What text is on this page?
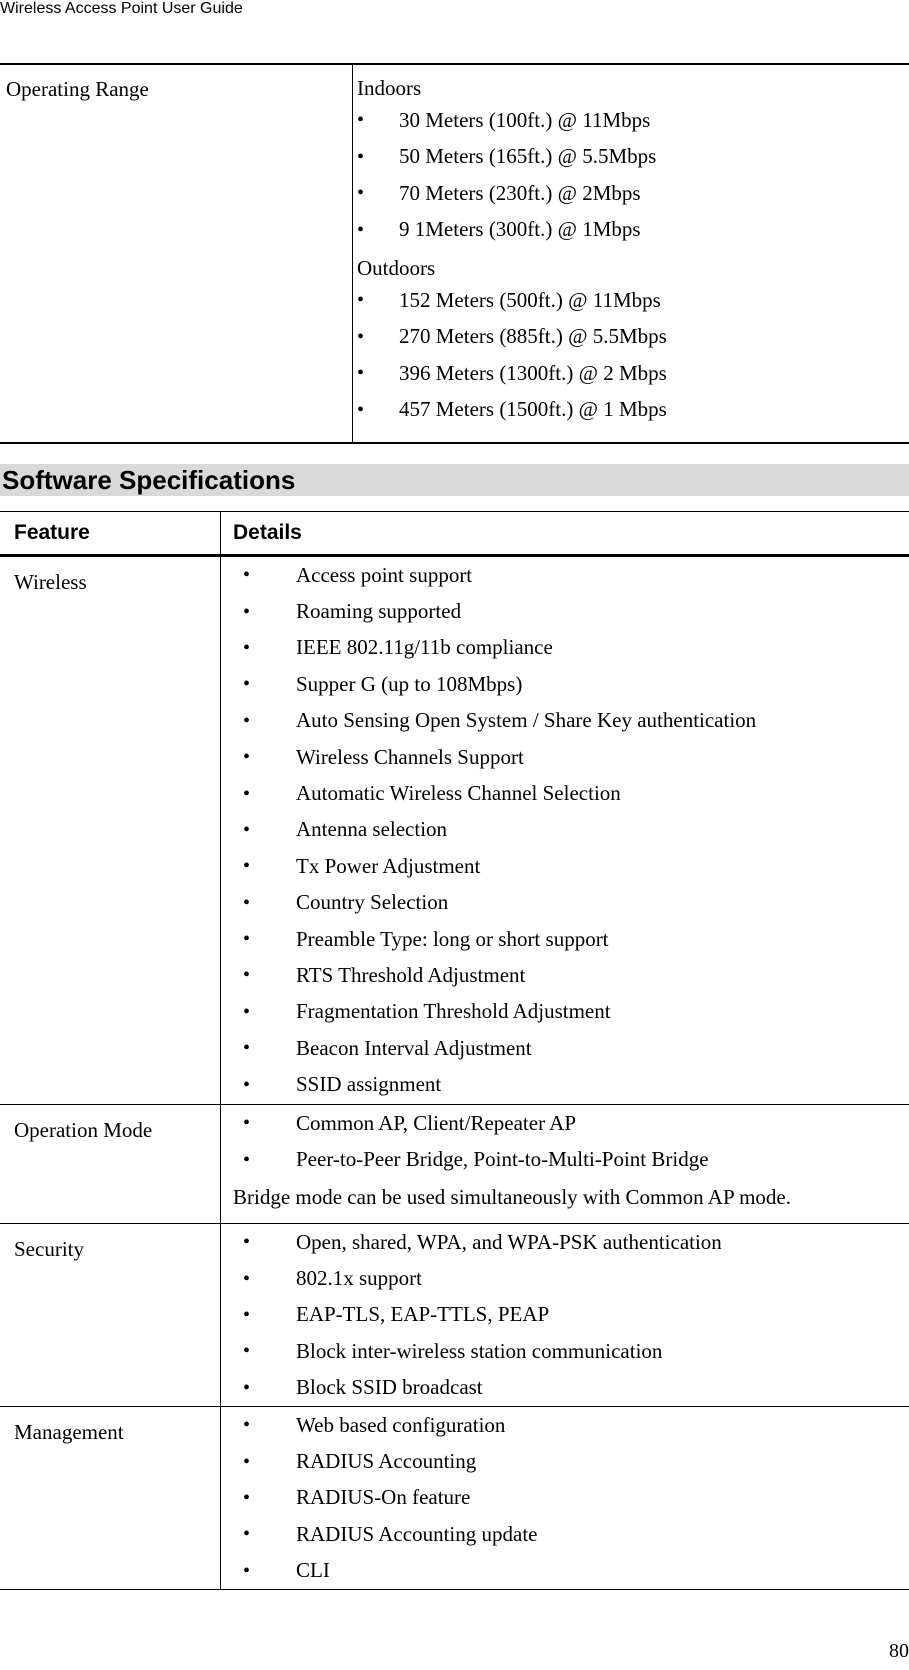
Wireless Access Point User Guide
Operating Range	Indoors
•	30 Meters (100ft.) @ 11Mbps
•	50 Meters (165ft.) @ 5.5Mbps
•	70 Meters (230ft.) @ 2Mbps
•	9 1Meters (300ft.) @ 1Mbps
Outdoors
•	152 Meters (500ft.) @ 11Mbps
•	270 Meters (885ft.) @ 5.5Mbps
•	396 Meters (1300ft.) @ 2 Mbps
•	457 Meters (1500ft.) @ 1 Mbps
Software Specifications
Feature	Details
Wireless	•	Access point support
•	Roaming supported
•	IEEE 802.11g/11b compliance
•	Supper G (up to 108Mbps)
•	Auto Sensing Open System / Share Key authentication
•	Wireless Channels Support
•	Automatic Wireless Channel Selection
•	Antenna selection
•	Tx Power Adjustment
•	Country Selection
•	Preamble Type: long or short support
•	RTS Threshold Adjustment
•	Fragmentation Threshold Adjustment
•	Beacon Interval Adjustment
•	SSID assignment
Operation Mode	•	Common AP, Client/Repeater AP
•	Peer-to-Peer Bridge, Point-to-Multi-Point Bridge
Bridge mode can be used simultaneously with Common AP mode.
Security	•	Open, shared, WPA, and WPA-PSK authentication
•	802.1x support
•	EAP-TLS, EAP-TTLS, PEAP
•	Block inter-wireless station communication
•	Block SSID broadcast
Management	•	Web based configuration
•	RADIUS Accounting
•	RADIUS-On feature
•	RADIUS Accounting update
•	CLI
80
